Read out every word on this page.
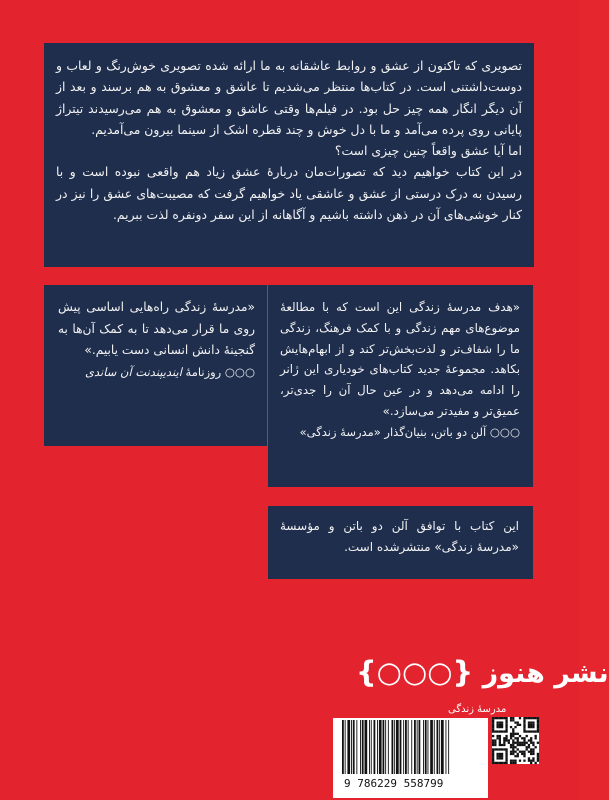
تصویری که تاکنون از عشق و روابط عاشقانه به ما ارائه شده تصویری خوش‌رنگ و لعاب و دوست‌داشتنی است. در کتاب‌ها منتظر می‌شدیم تا عاشق و معشوق به هم برسند و بعد از آن دیگر انگار همه چیز حل بود. در فیلم‌ها وقتی عاشق و معشوق به هم می‌رسیدند تیتراژ پایانی روی پرده می‌آمد و ما با دل خوش و چند قطره اشک از سینما بیرون می‌آمدیم.

اما آیا عشق واقعاً چنین چیزی است؟

در این کتاب خواهیم دید که تصورات‌مان دربارهٔ عشق زیاد هم واقعی نبوده است و با رسیدن به درک درستی از عشق و عاشقی یاد خواهیم گرفت که مصیبت‌های عشق را نیز در کنار خوشی‌های آن در ذهن داشته باشیم و آگاهانه از این سفر دونفره لذت ببریم.

«مدرسهٔ زندگی راه‌هایی اساسی پیش روی ما قرار می‌دهد تا به کمک آن‌ها به گنجینهٔ دانش انسانی دست یابیم.»

○○○ روزنامهٔ ایندیپندنت آن ساندی

«هدف مدرسهٔ زندگی این است که با مطالعهٔ موضوع‌های مهم زندگی و با کمک فرهنگ، زندگی ما را شفاف‌تر و لذت‌بخش‌تر کند و از ابهام‌هایش بکاهد. مجموعهٔ جدید کتاب‌های خودیاری این ژانر را ادامه می‌دهد و در عین حال آن را جدی‌تر، عمیق‌تر و مفیدتر می‌سازد.»

○○○ آلن دو باتن، بنیان‌گذار «مدرسهٔ زندگی»

این کتاب با توافق آلن دو باتن و مؤسسهٔ «مدرسهٔ زندگی» منتشرشده است.

نشر هنوز {○○○}
مدرسهٔ زندگی
9 786229 558799
